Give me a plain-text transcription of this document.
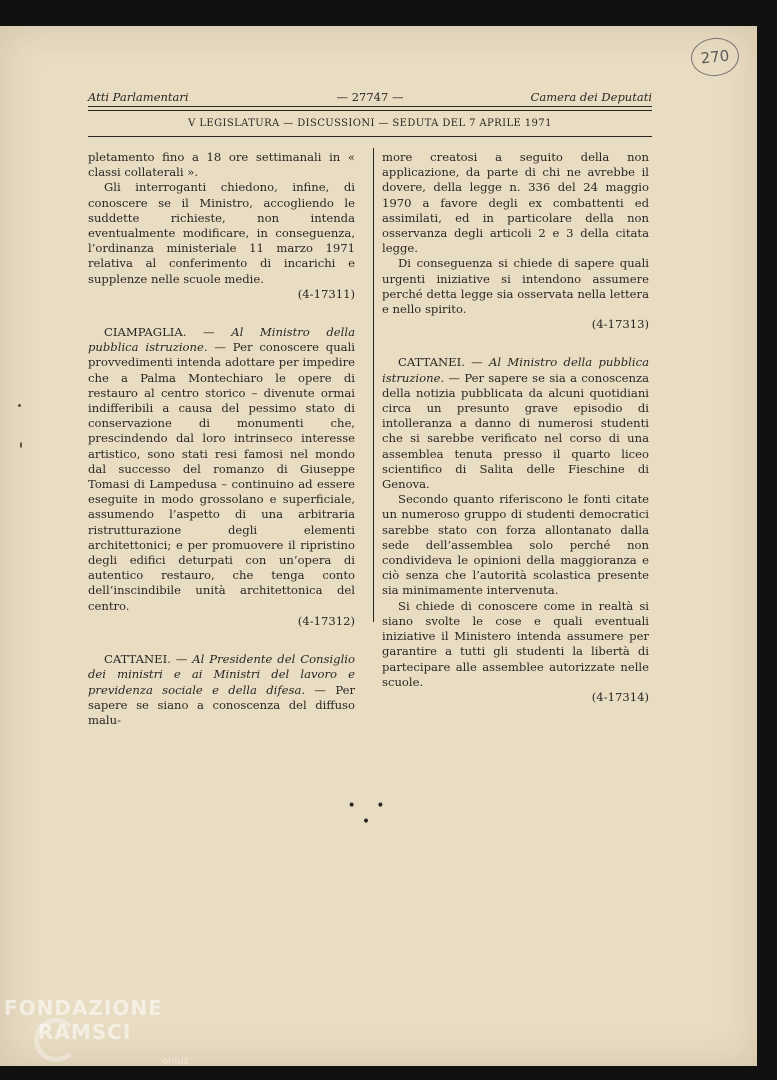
270
Atti Parlamentari	— 27747 —	Camera dei Deputati
V LEGISLATURA — DISCUSSIONI — SEDUTA DEL 7 APRILE 1971

pletamento fino a 18 ore settimanali in « classi collaterali ».

Gli interroganti chiedono, infine, di conoscere se il Ministro, accogliendo le suddette richieste, non intenda eventualmente modificare, in conseguenza, l’ordinanza ministeriale 11 marzo 1971 relativa al conferimento di incarichi e supplenze nelle scuole medie.

(4-17311)

CIAMPAGLIA. — Al Ministro della pubblica istruzione. — Per conoscere quali provvedimenti intenda adottare per impedire che a Palma Montechiaro le opere di restauro al centro storico – divenute ormai indifferibili a causa del pessimo stato di conservazione di monumenti che, prescindendo dal loro intrinseco interesse artistico, sono stati resi famosi nel mondo dal successo del romanzo di Giuseppe Tomasi di Lampedusa – continuino ad essere eseguite in modo grossolano e superficiale, assumendo l’aspetto di una arbitraria ristrutturazione degli elementi architettonici; e per promuovere il ripristino degli edifici deturpati con un’opera di autentico restauro, che tenga conto dell’inscindibile unità architettonica del centro.

(4-17312)

CATTANEI. — Al Presidente del Consiglio dei ministri e ai Ministri del lavoro e previdenza sociale e della difesa. — Per sapere se siano a conoscenza del diffuso malu-

more creatosi a seguito della non applicazione, da parte di chi ne avrebbe il dovere, della legge n. 336 del 24 maggio 1970 a favore degli ex combattenti ed assimilati, ed in particolare della non osservanza degli articoli 2 e 3 della citata legge.

Di conseguenza si chiede di sapere quali urgenti iniziative si intendono assumere perché detta legge sia osservata nella lettera e nello spirito.

(4-17313)

CATTANEI. — Al Ministro della pubblica istruzione. — Per sapere se sia a conoscenza della notizia pubblicata da alcuni quotidiani circa un presunto grave episodio di intolleranza a danno di numerosi studenti che si sarebbe verificato nel corso di una assemblea tenuta presso il quarto liceo scientifico di Salita delle Fieschine di Genova.

Secondo quanto riferiscono le fonti citate un numeroso gruppo di studenti democratici sarebbe stato con forza allontanato dalla sede dell’assemblea solo perché non condivideva le opinioni della maggioranza e ciò senza che l’autorità scolastica presente sia minimamente intervenuta.

Si chiede di conoscere come in realtà si siano svolte le cose e quali eventuali iniziative il Ministero intenda assumere per garantire a tutti gli studenti la libertà di partecipare alle assemblee autorizzate nelle scuole.

(4-17314)
• • •
FONDAZIONE
RAMSCI
onlus
